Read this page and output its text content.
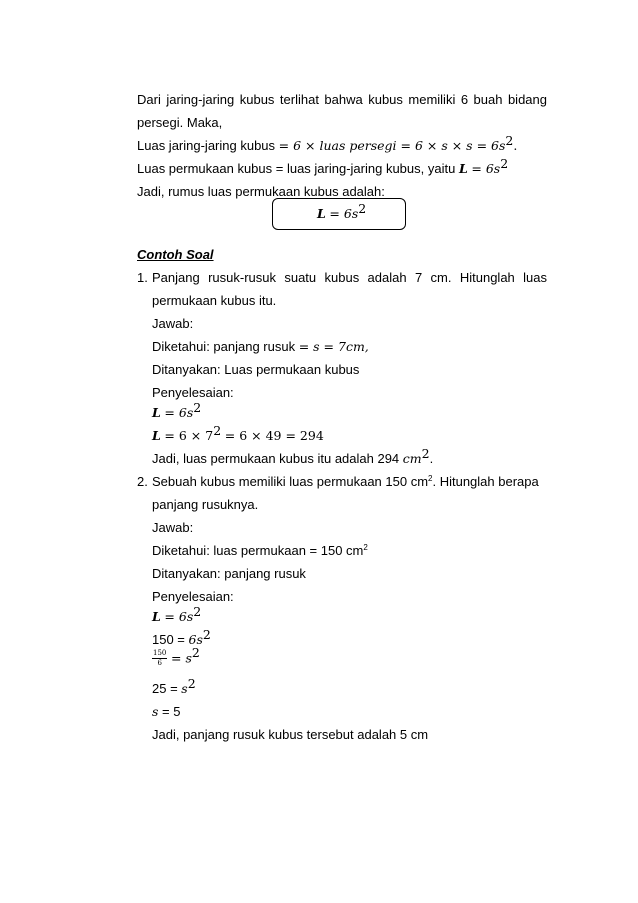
Dari jaring-jaring kubus terlihat bahwa kubus memiliki 6 buah bidang
persegi. Maka,
Luas jaring-jaring kubus = 6 × luas persegi = $6 \times s \times s = 6s^2$.
Luas permukaan kubus = luas jaring-jaring kubus, yaitu $L = 6s^2$
Jadi, rumus luas permukaan kubus adalah:
$L = 6s^2$
Contoh Soal
1. Panjang rusuk-rusuk suatu kubus adalah 7 cm. Hitunglah luas
permukaan kubus itu.
Jawab:
Diketahui: panjang rusuk = s = 7cm,
Ditanyakan: Luas permukaan kubus
Penyelesaian:
$L = 6s^2$
$L = 6 \times 7^2 = 6 \times 49 = 294$
Jadi, luas permukaan kubus itu adalah 294 $cm^2$.
2. Sebuah kubus memiliki luas permukaan 150 $cm^2$. Hitunglah berapa
panjang rusuknya.
Jawab:
Diketahui: luas permukaan = 150 $cm^2$
Ditanyakan: panjang rusuk
Penyelesaian:
$L = 6s^2$
$150 = 6s^2$
$\frac{150}{6} = s^2$
$25 = s^2$
s = 5
Jadi, panjang rusuk kubus tersebut adalah 5 cm
